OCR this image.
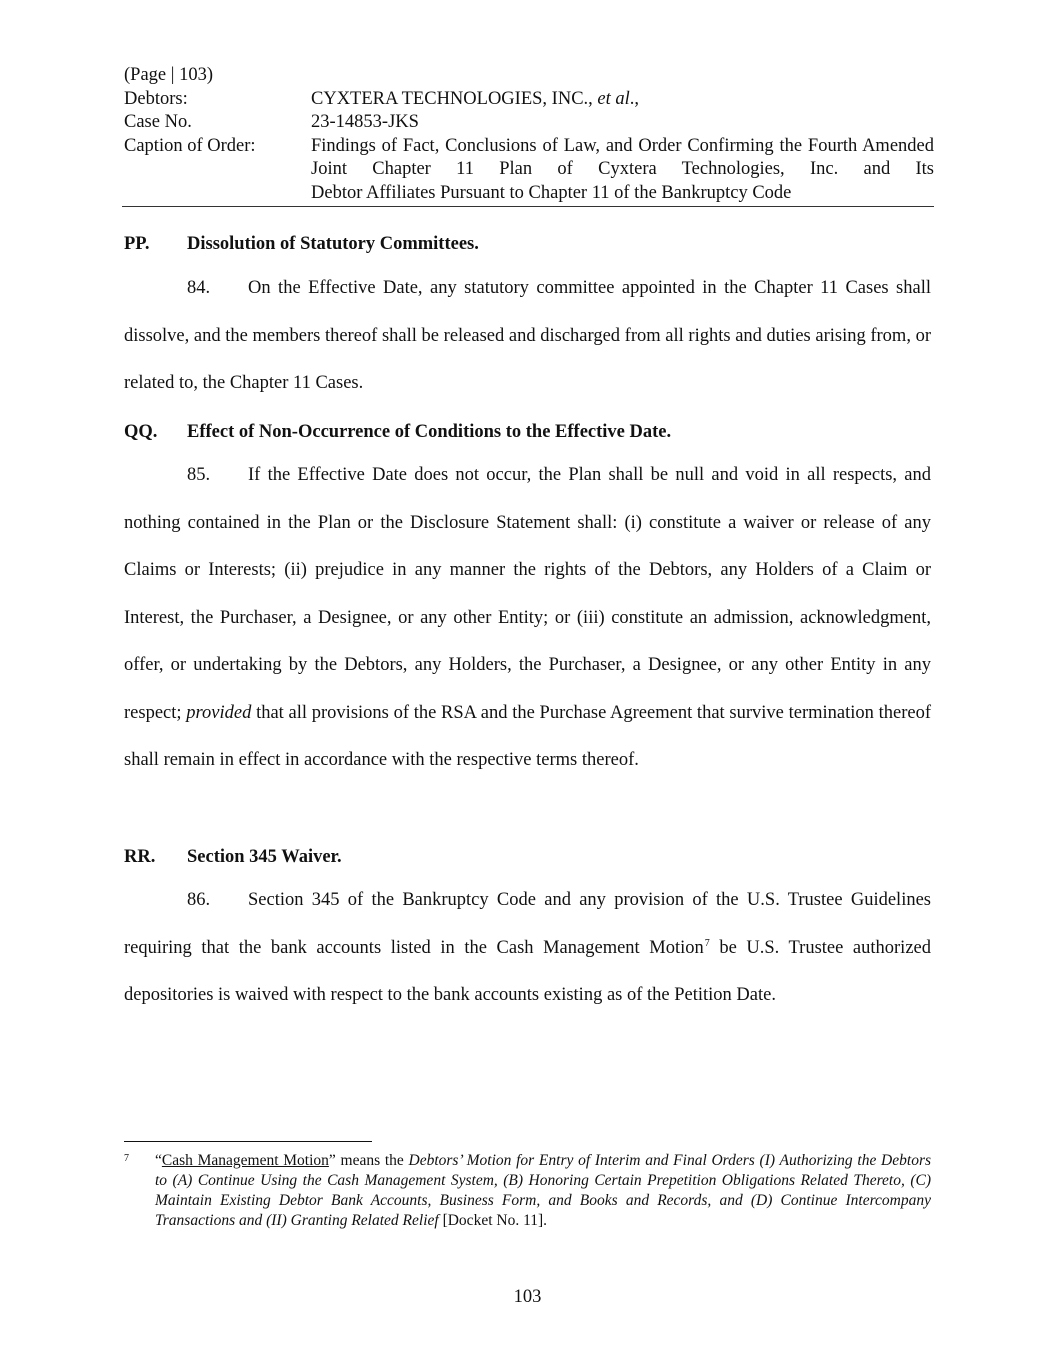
(Page | 103)
Debtors:	CYXTERA TECHNOLOGIES, INC., et al.,
Case No.	23-14853-JKS
Caption of Order:	Findings of Fact, Conclusions of Law, and Order Confirming the Fourth Amended Joint Chapter 11 Plan of Cyxtera Technologies, Inc. and Its
Debtor Affiliates Pursuant to Chapter 11 of the Bankruptcy Code
PP. Dissolution of Statutory Committees.
84. On the Effective Date, any statutory committee appointed in the Chapter 11 Cases shall dissolve, and the members thereof shall be released and discharged from all rights and duties arising from, or related to, the Chapter 11 Cases.
QQ. Effect of Non-Occurrence of Conditions to the Effective Date.
85. If the Effective Date does not occur, the Plan shall be null and void in all respects, and nothing contained in the Plan or the Disclosure Statement shall: (i) constitute a waiver or release of any Claims or Interests; (ii) prejudice in any manner the rights of the Debtors, any Holders of a Claim or Interest, the Purchaser, a Designee, or any other Entity; or (iii) constitute an admission, acknowledgment, offer, or undertaking by the Debtors, any Holders, the Purchaser, a Designee, or any other Entity in any respect; provided that all provisions of the RSA and the Purchase Agreement that survive termination thereof shall remain in effect in accordance with the respective terms thereof.
RR. Section 345 Waiver.
86. Section 345 of the Bankruptcy Code and any provision of the U.S. Trustee Guidelines requiring that the bank accounts listed in the Cash Management Motion$^7$ be U.S. Trustee authorized depositories is waived with respect to the bank accounts existing as of the Petition Date.
7 “Cash Management Motion” means the Debtors’ Motion for Entry of Interim and Final Orders (I) Authorizing the Debtors to (A) Continue Using the Cash Management System, (B) Honoring Certain Prepetition Obligations Related Thereto, (C) Maintain Existing Debtor Bank Accounts, Business Form, and Books and Records, and (D) Continue Intercompany Transactions and (II) Granting Related Relief [Docket No. 11].
103
